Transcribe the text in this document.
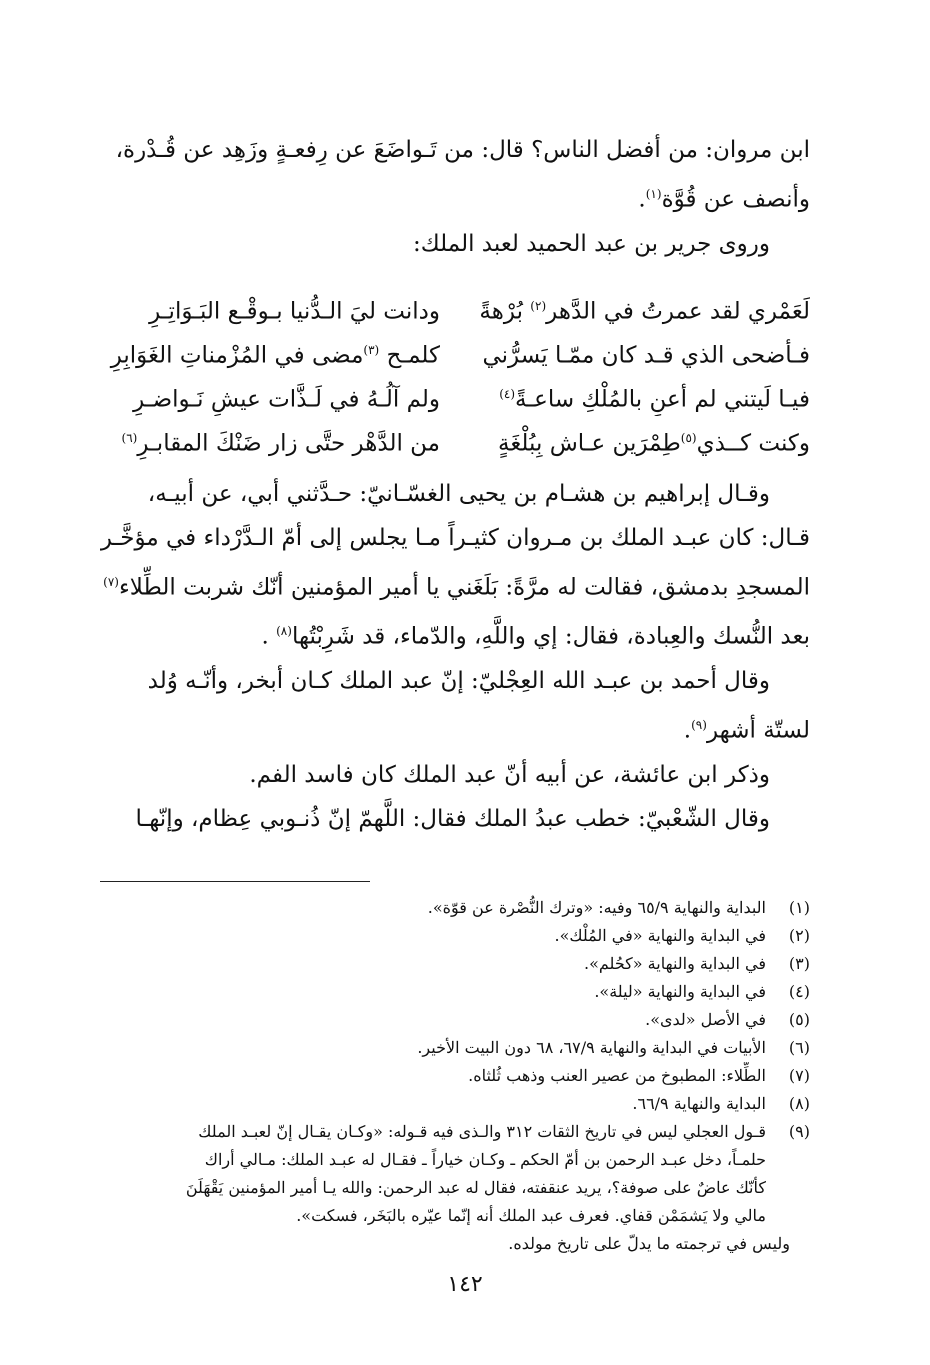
ابن مروان: من أفضل الناس؟ قال: من تَـواضَعَ عن رِفعـةٍ وزَهِد عن قُـدْرة،
وأنصف عن قُوَّة$^{(١)}$.

وروى جرير بن عبد الحميد لعبد الملك:

لَعَمْري لقد عمرتُ في الدَّهر$^{(٢)}$ بُرْهةً
ودانت ليَ الـدُّنيا بـوقْـع البَـوَاتِـرِ
فـأضحى الذي قـد كان ممّـا يَسرُّني
كلمـح $^{(٣)}$مضى في المُزْمناتِ الغَوَابِرِ
فيـا لَيتني لم أعنِ بالمُلْكِ ساعـةً$^{(٤)}$
ولم آلُـهُ في لَـذَّات عيشٍ نَـواضـرِ
وكنت كــذي$^{(٥)}$طِمْرَين عـاش بِبُلْغَةٍ
من الدَّهْر حتَّى زار ضَنْكَ المقابـرِ$^{(٦)}$

وقـال إبراهيم بن هشـام بن يحيى الغسّـانيّ: حـدَّثني أبي، عن أبيـه،
قـال: كان عبـد الملك بن مـروان كثيـراً مـا يجلس إلى أمّ الـدَّرْداء في مؤخَّـر
المسجدِ بدمشق، فقالت له مرَّةً: بَلَغَني يا أمير المؤمنين أنّك شربت الطِّلاء$^{(٧)}$
بعد النُّسك والعِبادة، فقال: إي واللَّهِ، والدّماء، قد شَرِبْتُها$^{(٨)}$ .

وقال أحمد بن عبـد الله العِجْليّ: إنّ عبد الملك كـان أبخر، وأنّـه وُلد
لستّة أشهر$^{(٩)}$.

وذكر ابن عائشة، عن أبيه أنّ عبد الملك كان فاسد الفم.

وقال الشّعْبيّ: خطب عبدُ الملك فقال: اللَّهمّ إنّ ذُنـوبي عِظام، وإنّهـا

(١)
البداية والنهاية ٦٥/٩ وفيه: «وترك النُّصْرة عن قوّة».
(٢)
في البداية والنهاية «في المُلْك».
(٣)
في البداية والنهاية «كحُلم».
(٤)
في البداية والنهاية «ليلة».
(٥)
في الأصل «لدى».
(٦)
الأبيات في البداية والنهاية ٦٧/٩، ٦٨ دون البيت الأخير.
(٧)
الطِّلاء: المطبوخ من عصير العنب وذهب ثُلثاه.
(٨)
البداية والنهاية ٦٦/٩.
(٩)
قـول العجلي ليس في تاريخ الثقات ٣١٢ والـذى فيه قـوله: «وكـان يقـال إنّ لعبـد الملك
حلمـاً، دخل عبـد الرحمن بن أمّ الحكم ـ وكـان خياراً ـ فقـال له عبـد الملك: مـالي أراك
كأنّك عاضٌ على صوفة؟، يريد عنقفته، فقال له عبد الرحمن: والله يـا أمير المؤمنين يَقْهَلَنَ
مالي ولا يَشمَمْن قفاي. فعرف عبد الملك أنه إنّما عيّره بالبَخَر، فسكت».
وليس في ترجمته ما يدلّ على تاريخ مولده.
١٤٢
